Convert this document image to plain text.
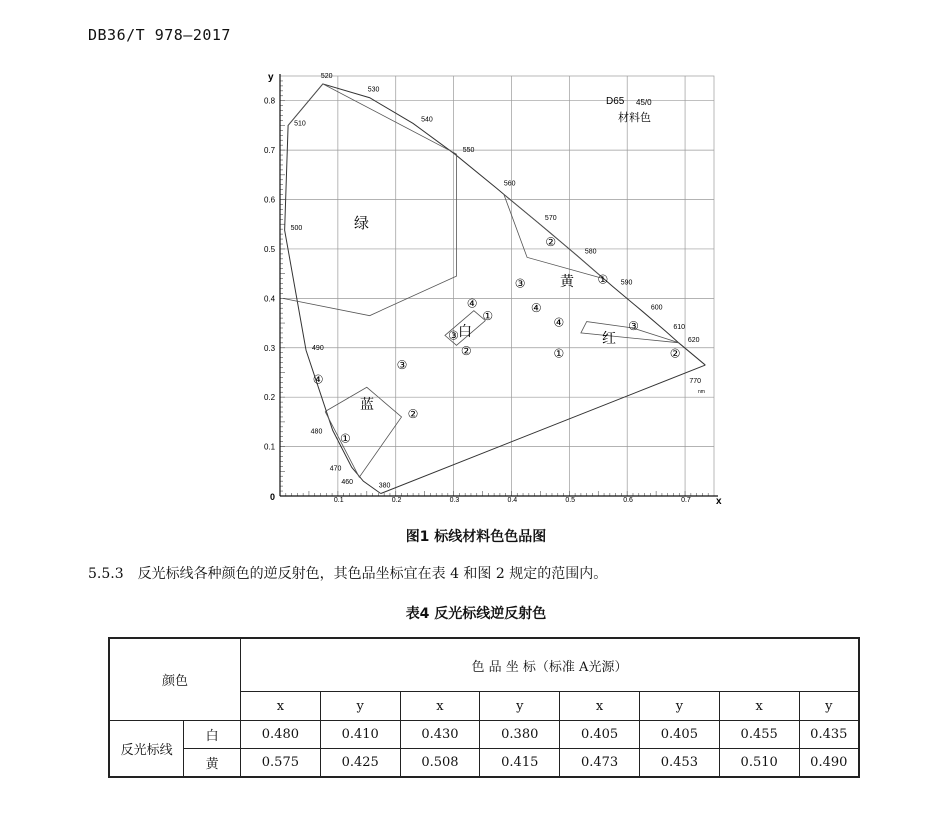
DB36/T 978—2017
0.1	0.2	0.3	0.4	0.5	0.6	0.7
0.1
0.2
0.3
0.4
0.5
0.6
0.7
0.8
0	x
y
380
460
470
480
490
500
510
520
530
540
550
560
570
580
590
600
610
620
770
②
①
③
④
④
①
③
②
④	③
①	②
④
③
②
①
D65 45/0
材料色
绿
黄
白	红
蓝
nm
图1 标线材料色色品图
5.5.3 反光标线各种颜色的逆反射色，其色品坐标宜在表 4 和图 2 规定的范围内。
表4 反光标线逆反射色
颜色		色 品 坐 标（标准 A光源）							
		x	y	x	y	x	y	x	y
反光标线	白	0.480	0.410	0.430	0.380	0.405	0.405	0.455	0.435
	黄	0.575	0.425	0.508	0.415	0.473	0.453	0.510	0.490
